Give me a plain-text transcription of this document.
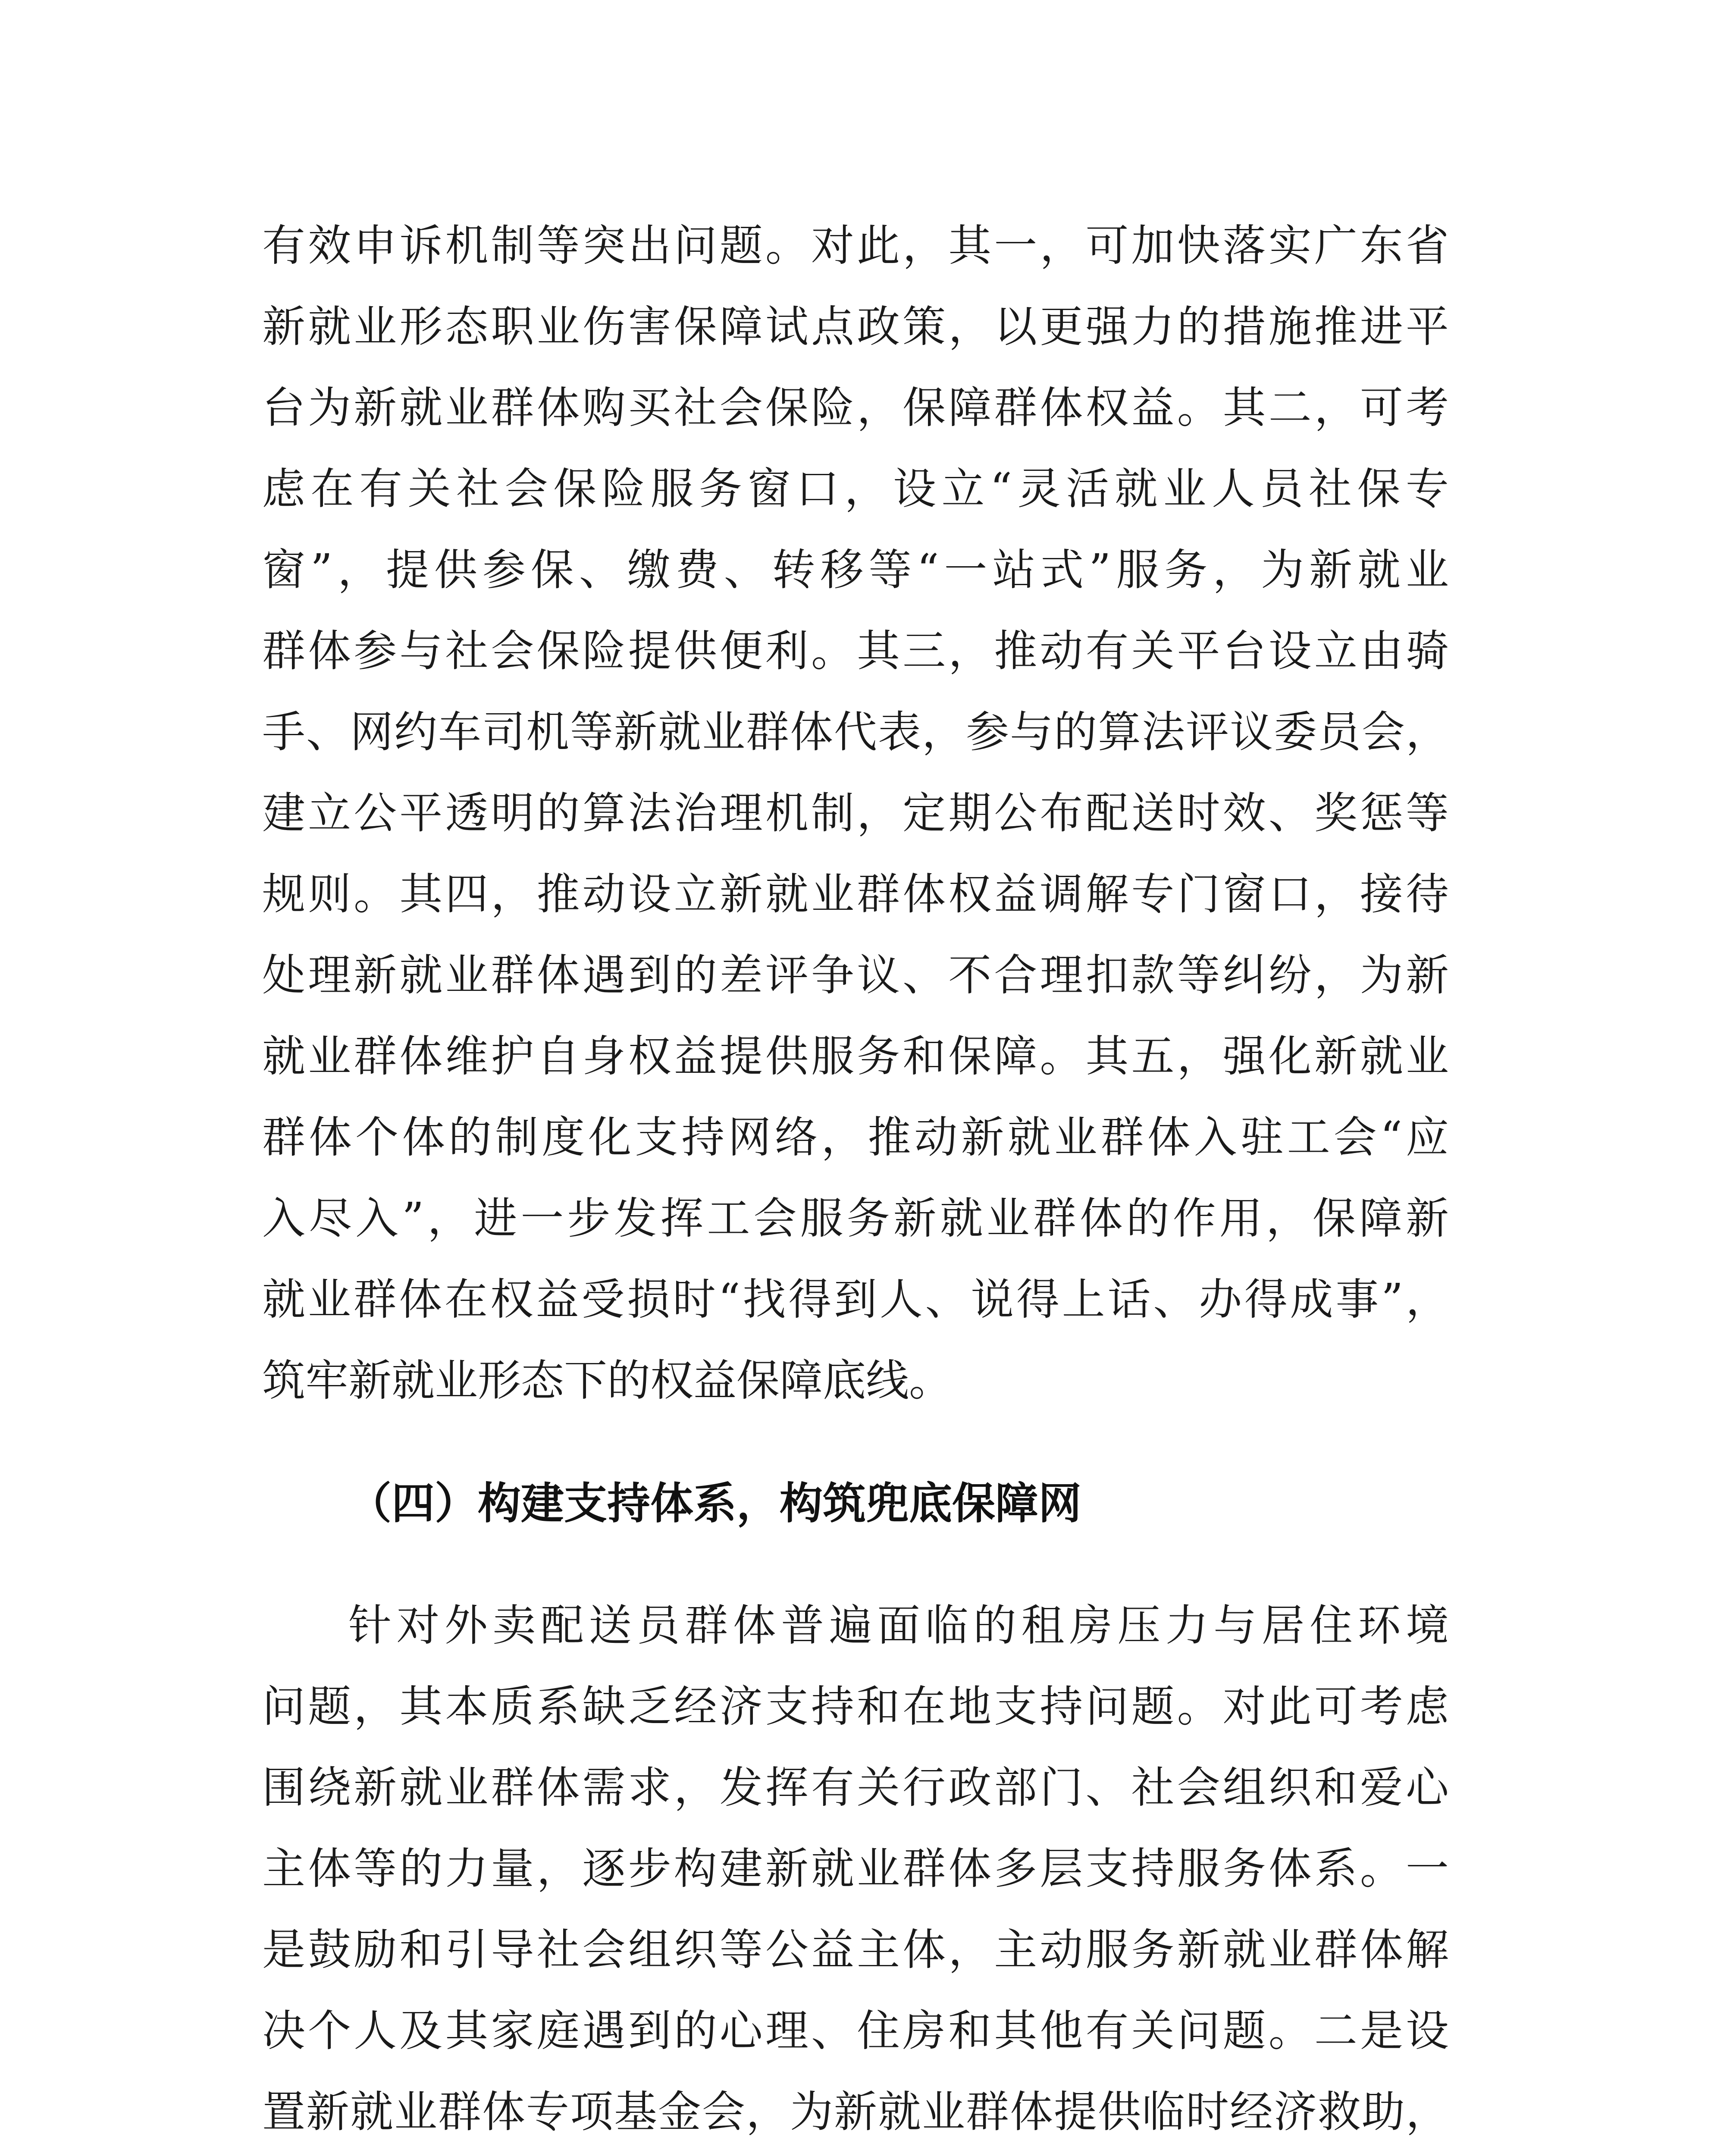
有效申诉机制等突出问题。对此，其一，可加快落实广东省
新就业形态职业伤害保障试点政策，以更强力的措施推进平
台为新就业群体购买社会保险，保障群体权益。其二，可考
虑在有关社会保险服务窗口，设立“灵活就业人员社保专
窗”，提供参保、缴费、转移等“一站式”服务，为新就业
群体参与社会保险提供便利。其三，推动有关平台设立由骑
手、网约车司机等新就业群体代表，参与的算法评议委员会，
建立公平透明的算法治理机制，定期公布配送时效、奖惩等
规则。其四，推动设立新就业群体权益调解专门窗口，接待
处理新就业群体遇到的差评争议、不合理扣款等纠纷，为新
就业群体维护自身权益提供服务和保障。其五，强化新就业
群体个体的制度化支持网络，推动新就业群体入驻工会“应
入尽入”，进一步发挥工会服务新就业群体的作用，保障新
就业群体在权益受损时“找得到人、说得上话、办得成事”，
筑牢新就业形态下的权益保障底线。
（四）构建支持体系，构筑兜底保障网
针对外卖配送员群体普遍面临的租房压力与居住环境
问题，其本质系缺乏经济支持和在地支持问题。对此可考虑
围绕新就业群体需求，发挥有关行政部门、社会组织和爱心
主体等的力量，逐步构建新就业群体多层支持服务体系。一
是鼓励和引导社会组织等公益主体，主动服务新就业群体解
决个人及其家庭遇到的心理、住房和其他有关问题。二是设
置新就业群体专项基金会，为新就业群体提供临时经济救助，
